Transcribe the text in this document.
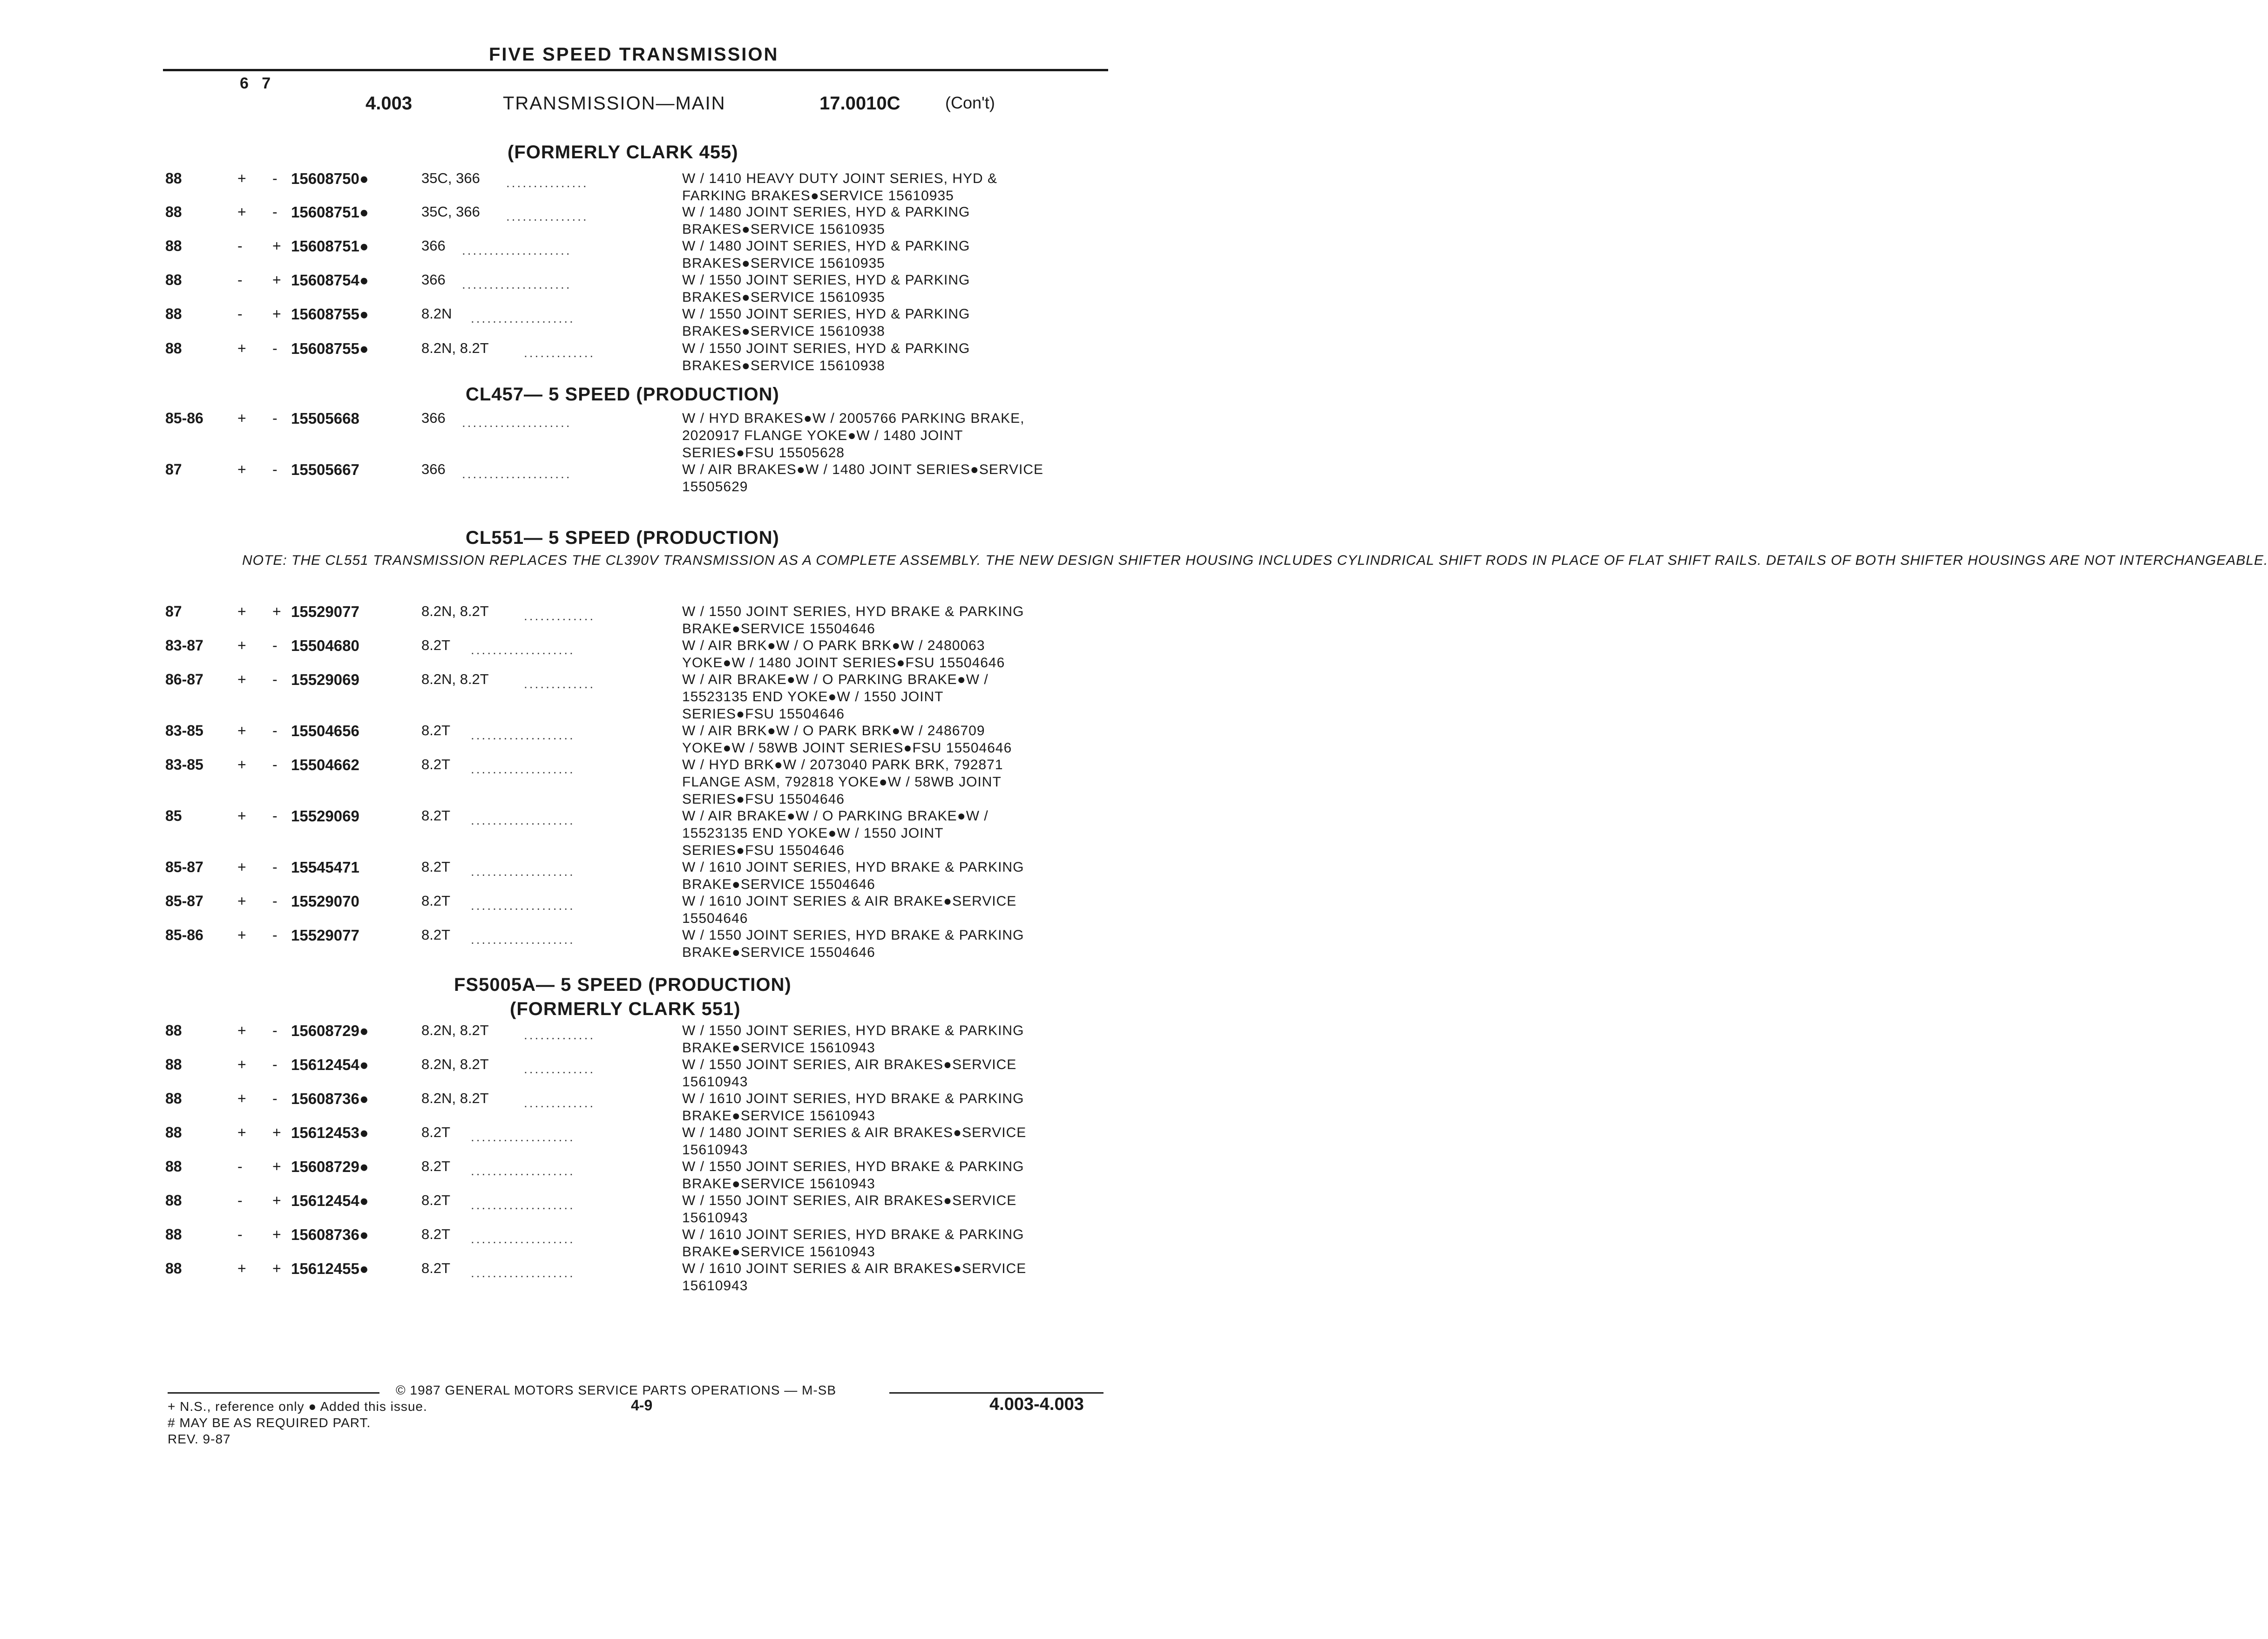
FIVE SPEED TRANSMISSION
6   7
4.003	TRANSMISSION—MAIN	17.0010C	(Con't)
(FORMERLY CLARK 455)
CL457— 5 SPEED (PRODUCTION)
CL551— 5 SPEED (PRODUCTION)
NOTE: THE CL551 TRANSMISSION REPLACES THE CL390V TRANSMISSION AS A COMPLETE ASSEMBLY. THE NEW DESIGN SHIFTER HOUSING INCLUDES CYLINDRICAL SHIFT RODS IN PLACE OF FLAT SHIFT RAILS. DETAILS OF BOTH SHIFTER HOUSINGS ARE NOT INTERCHANGEABLE.
FS5005A— 5 SPEED (PRODUCTION)
(FORMERLY CLARK 551)
88	+ - 15608750●	35C, 366	W / 1410 HEAVY DUTY JOINT SERIES, HYD &
FARKING BRAKES●SERVICE 15610935
...............
88	+ - 15608751●	35C, 366	W / 1480 JOINT SERIES, HYD & PARKING
BRAKES●SERVICE 15610935
...............
88	- + 15608751●	366	W / 1480 JOINT SERIES, HYD & PARKING
BRAKES●SERVICE 15610935
....................
88	- + 15608754●	366	W / 1550 JOINT SERIES, HYD & PARKING
BRAKES●SERVICE 15610935
....................
88	- + 15608755●	8.2N	W / 1550 JOINT SERIES, HYD & PARKING
BRAKES●SERVICE 15610938
...................
88	+ - 15608755●	8.2N, 8.2T	W / 1550 JOINT SERIES, HYD & PARKING
BRAKES●SERVICE 15610938
.............
85-86 + - 15505668	366	W / HYD BRAKES●W / 2005766 PARKING BRAKE,
2020917 FLANGE YOKE●W / 1480 JOINT
SERIES●FSU 15505628
....................
87	+ - 15505667	366	W / AIR BRAKES●W / 1480 JOINT SERIES●SERVICE
15505629
....................
87	+ + 15529077	8.2N, 8.2T	W / 1550 JOINT SERIES, HYD BRAKE & PARKING
BRAKE●SERVICE 15504646
.............
83-87 + - 15504680	8.2T	W / AIR BRK●W / O PARK BRK●W / 2480063
YOKE●W / 1480 JOINT SERIES●FSU 15504646
...................
86-87 + - 15529069	8.2N, 8.2T	W / AIR BRAKE●W / O PARKING BRAKE●W /
15523135 END YOKE●W / 1550 JOINT
SERIES●FSU 15504646
.............
83-85 + - 15504656	8.2T	W / AIR BRK●W / O PARK BRK●W / 2486709
YOKE●W / 58WB JOINT SERIES●FSU 15504646
...................
83-85 + - 15504662	8.2T	W / HYD BRK●W / 2073040 PARK BRK, 792871
FLANGE ASM, 792818 YOKE●W / 58WB JOINT
SERIES●FSU 15504646
...................
85	+ - 15529069	8.2T	W / AIR BRAKE●W / O PARKING BRAKE●W /
15523135 END YOKE●W / 1550 JOINT
SERIES●FSU 15504646
...................
85-87 + - 15545471	8.2T	W / 1610 JOINT SERIES, HYD BRAKE & PARKING
BRAKE●SERVICE 15504646
...................
85-87 + - 15529070	8.2T	W / 1610 JOINT SERIES & AIR BRAKE●SERVICE
15504646
...................
85-86 + - 15529077	8.2T	W / 1550 JOINT SERIES, HYD BRAKE & PARKING
BRAKE●SERVICE 15504646
...................
88	+ - 15608729●	8.2N, 8.2T	W / 1550 JOINT SERIES, HYD BRAKE & PARKING
BRAKE●SERVICE 15610943
.............
88	+ - 15612454●	8.2N, 8.2T	W / 1550 JOINT SERIES, AIR BRAKES●SERVICE
15610943
.............
88	+ - 15608736●	8.2N, 8.2T	W / 1610 JOINT SERIES, HYD BRAKE & PARKING
BRAKE●SERVICE 15610943
.............
88	+ + 15612453●	8.2T	W / 1480 JOINT SERIES & AIR BRAKES●SERVICE
15610943
...................
88	- + 15608729●	8.2T	W / 1550 JOINT SERIES, HYD BRAKE & PARKING
BRAKE●SERVICE 15610943
...................
88	- + 15612454●	8.2T	W / 1550 JOINT SERIES, AIR BRAKES●SERVICE
15610943
...................
88	- + 15608736●	8.2T	W / 1610 JOINT SERIES, HYD BRAKE & PARKING
BRAKE●SERVICE 15610943
...................
88	+ + 15612455●	8.2T	W / 1610 JOINT SERIES & AIR BRAKES●SERVICE
15610943
...................
© 1987 GENERAL MOTORS SERVICE PARTS OPERATIONS — M-SB
+ N.S., reference only ● Added this issue.
# MAY BE AS REQUIRED PART.
REV. 9-87
4-9	4.003-4.003
